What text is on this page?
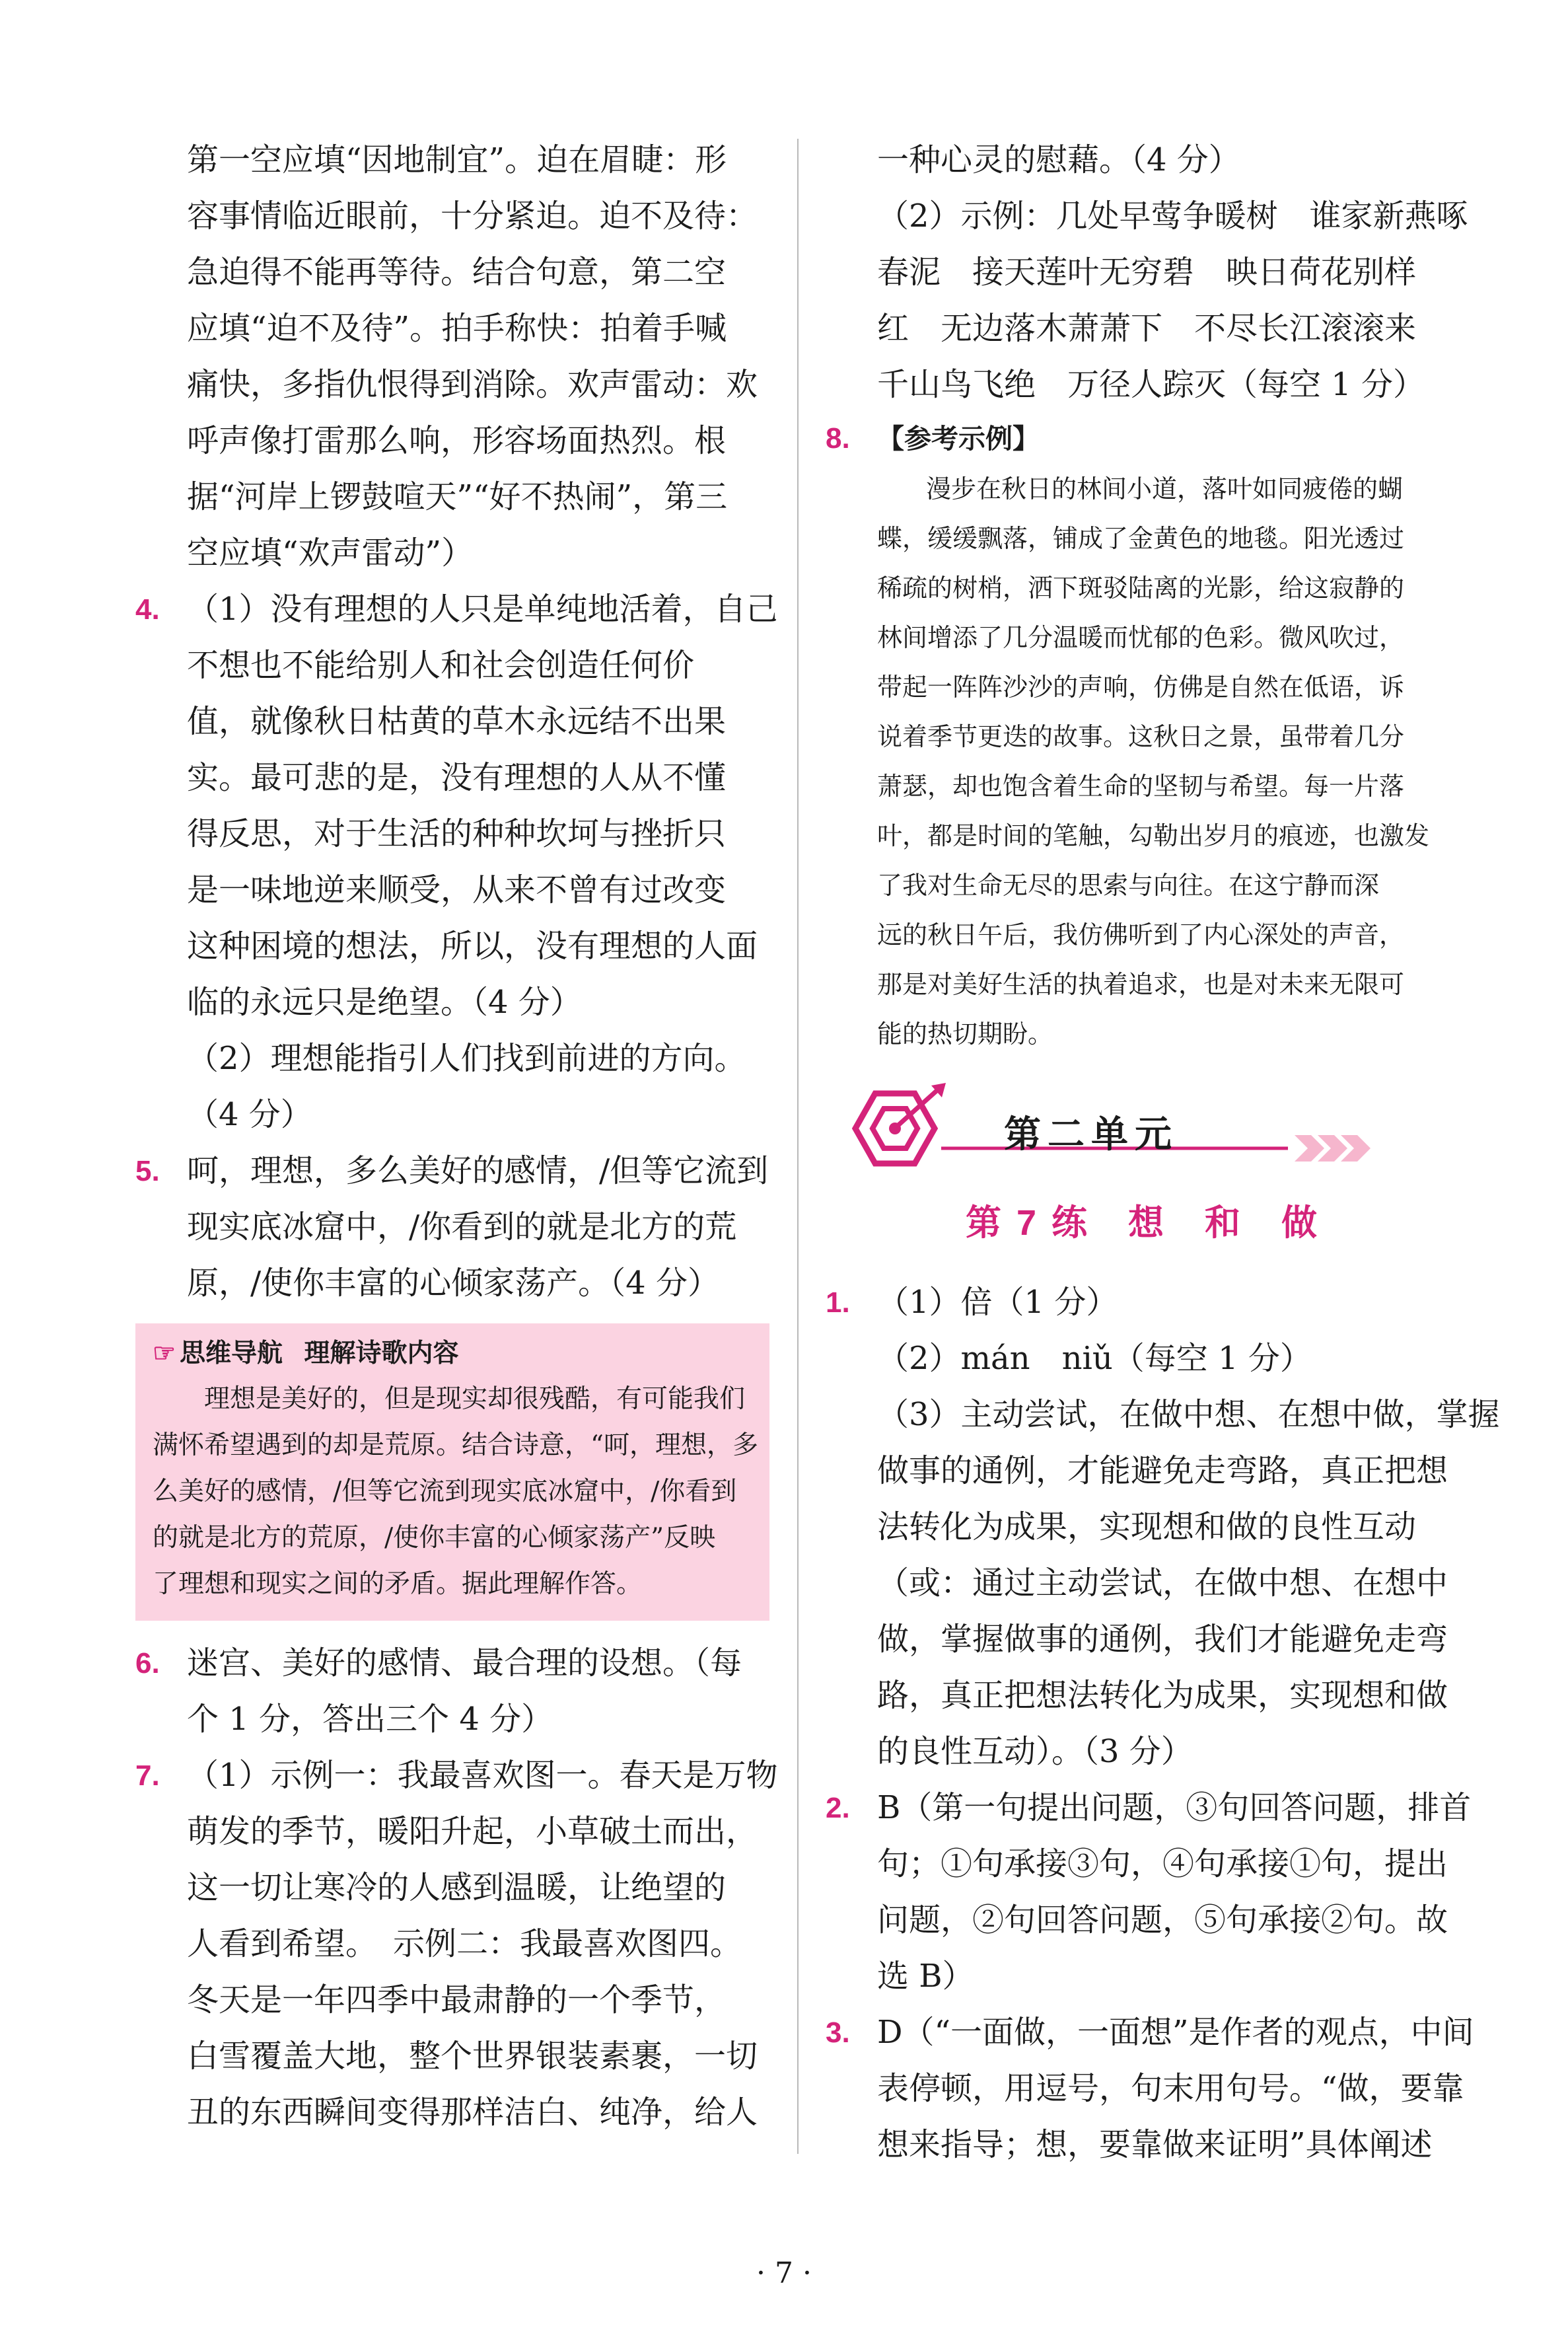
第一空应填“因地制宜”。迫在眉睫：形
容事情临近眼前，十分紧迫。迫不及待：
急迫得不能再等待。结合句意，第二空
应填“迫不及待”。拍手称快：拍着手喊
痛快，多指仇恨得到消除。欢声雷动：欢
呼声像打雷那么响，形容场面热烈。根
据“河岸上锣鼓喧天”“好不热闹”，第三
空应填“欢声雷动”）
4. （1）没有理想的人只是单纯地活着，自己
不想也不能给别人和社会创造任何价
值，就像秋日枯黄的草木永远结不出果
实。最可悲的是，没有理想的人从不懂
得反思，对于生活的种种坎坷与挫折只
是一味地逆来顺受，从来不曾有过改变
这种困境的想法，所以，没有理想的人面
临的永远只是绝望。（4 分）
（2）理想能指引人们找到前进的方向。
（4 分）
5. 呵，理想，多么美好的感情，/但等它流到
现实底冰窟中，/你看到的就是北方的荒
原，/使你丰富的心倾家荡产。（4 分）
☞ 思维导航 理解诗歌内容
理想是美好的，但是现实却很残酷，有可能我们
满怀希望遇到的却是荒原。结合诗意，“呵，理想，多
么美好的感情，/但等它流到现实底冰窟中，/你看到
的就是北方的荒原，/使你丰富的心倾家荡产”反映
了理想和现实之间的矛盾。据此理解作答。
6. 迷宫、美好的感情、最合理的设想。（每
个 1 分，答出三个 4 分）
7. （1）示例一：我最喜欢图一。春天是万物
萌发的季节，暖阳升起，小草破土而出，
这一切让寒冷的人感到温暖，让绝望的
人看到希望。　示例二：我最喜欢图四。
冬天是一年四季中最肃静的一个季节，
白雪覆盖大地，整个世界银装素裹，一切
丑的东西瞬间变得那样洁白、纯净，给人
一种心灵的慰藉。（4 分）
（2）示例：几处早莺争暖树　谁家新燕啄
春泥　接天莲叶无穷碧　映日荷花别样
红　无边落木萧萧下　不尽长江滚滚来
千山鸟飞绝　万径人踪灭（每空 1 分）
8. 【参考示例】
漫步在秋日的林间小道，落叶如同疲倦的蝴
蝶，缓缓飘落，铺成了金黄色的地毯。阳光透过
稀疏的树梢，洒下斑驳陆离的光影，给这寂静的
林间增添了几分温暖而忧郁的色彩。微风吹过，
带起一阵阵沙沙的声响，仿佛是自然在低语，诉
说着季节更迭的故事。这秋日之景，虽带着几分
萧瑟，却也饱含着生命的坚韧与希望。每一片落
叶，都是时间的笔触，勾勒出岁月的痕迹，也激发
了我对生命无尽的思索与向往。在这宁静而深
远的秋日午后，我仿佛听到了内心深处的声音，
那是对美好生活的执着追求，也是对未来无限可
能的热切期盼。
第二单元
第 7 练　想　和　做
1. （1）倍（1 分）
（2）mán　niǔ（每空 1 分）
（3）主动尝试，在做中想、在想中做，掌握
做事的通例，才能避免走弯路，真正把想
法转化为成果，实现想和做的良性互动
（或：通过主动尝试，在做中想、在想中
做，掌握做事的通例，我们才能避免走弯
路，真正把想法转化为成果，实现想和做
的良性互动）。（3 分）
2. B（第一句提出问题，③句回答问题，排首
句；①句承接③句，④句承接①句，提出
问题，②句回答问题，⑤句承接②句。故
选 B）
3. D（“一面做，一面想”是作者的观点，中间
表停顿，用逗号，句末用句号。“做，要靠
想来指导；想，要靠做来证明”具体阐述
· 7 ·
